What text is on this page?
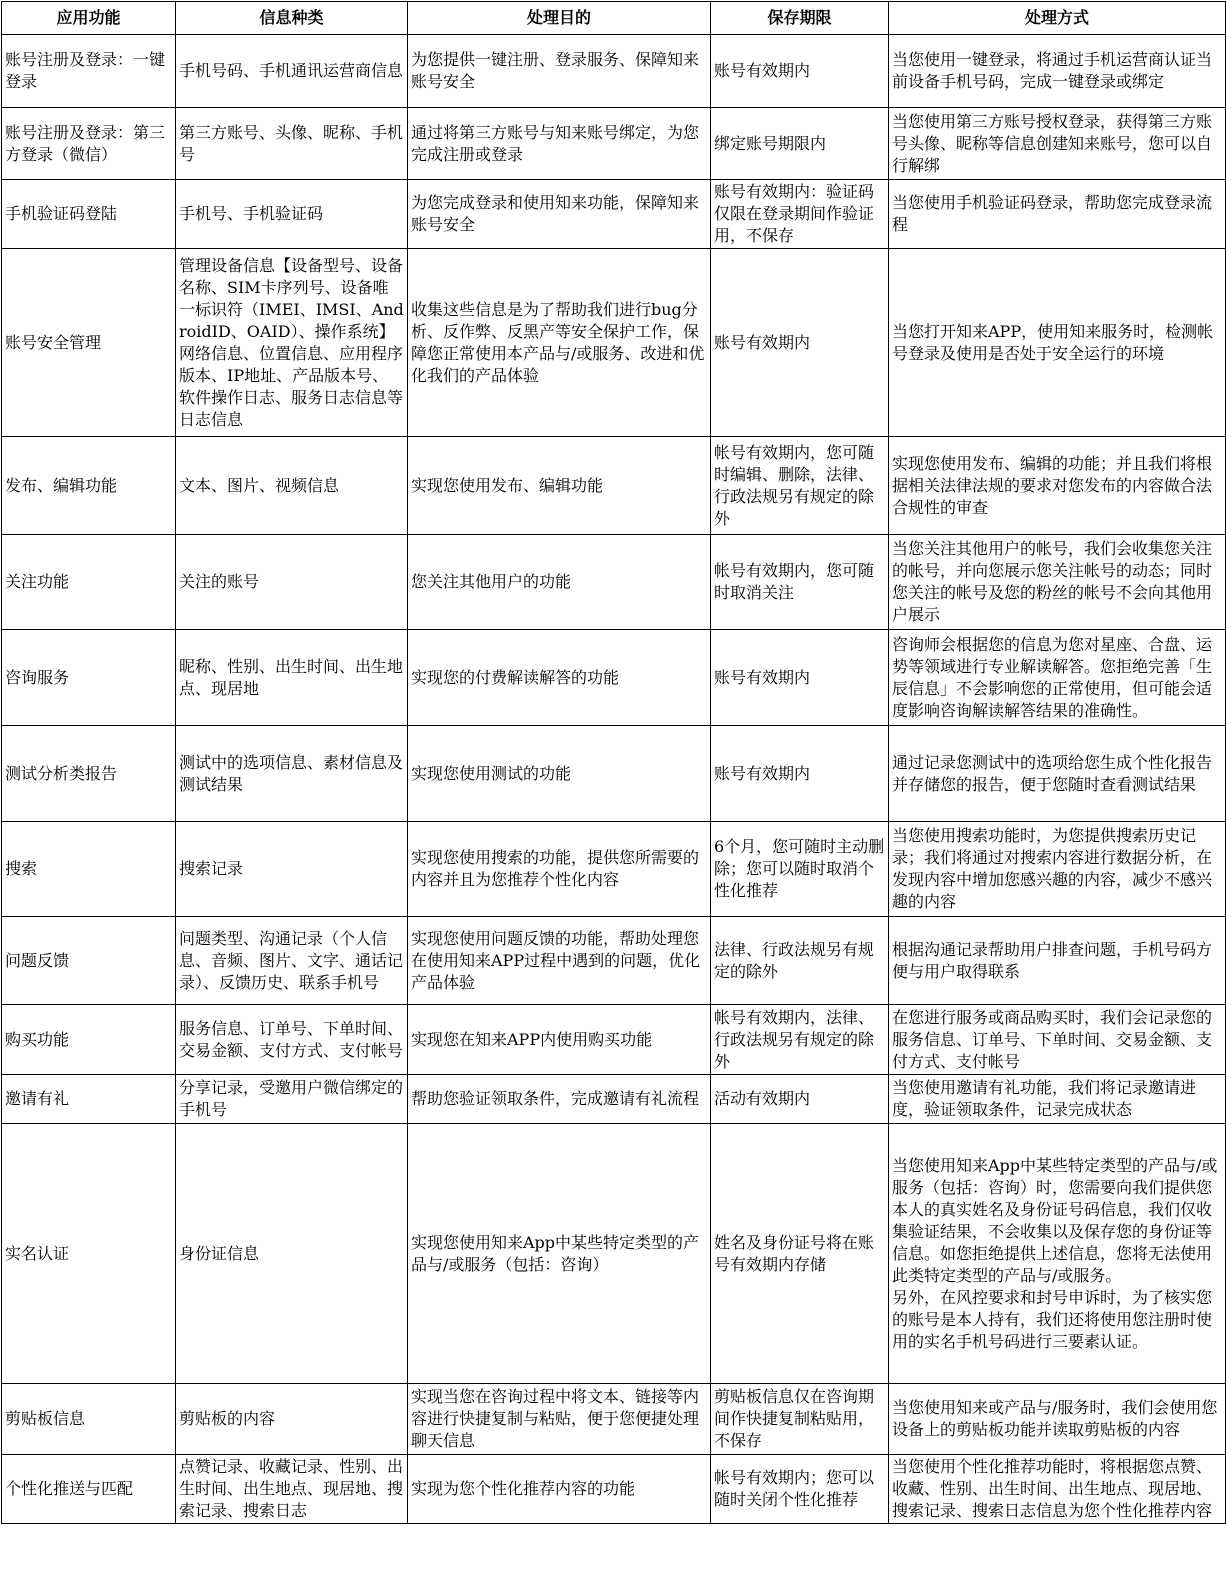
应用功能	信息种类	处理目的	保存期限	处理方式
账号注册及登录：一键登录	手机号码、手机通讯运营商信息	为您提供一键注册、登录服务、保障知来账号安全	账号有效期内	当您使用一键登录，将通过手机运营商认证当前设备手机号码，完成一键登录或绑定
账号注册及登录：第三方登录（微信）	第三方账号、头像、昵称、手机号	通过将第三方账号与知来账号绑定，为您完成注册或登录	绑定账号期限内	当您使用第三方账号授权登录，获得第三方账号头像、昵称等信息创建知来账号，您可以自行解绑
手机验证码登陆	手机号、手机验证码	为您完成登录和使用知来功能，保障知来账号安全	账号有效期内：验证码仅限在登录期间作验证用，不保存	当您使用手机验证码登录，帮助您完成登录流程
账号安全管理	管理设备信息【设备型号、设备名称、SIM卡序列号、设备唯一标识符（IMEI、IMSI、AndroidID、OAID）、操作系统】网络信息、位置信息、应用程序版本、IP地址、产品版本号、软件操作日志、服务日志信息等日志信息	收集这些信息是为了帮助我们进行bug分析、反作弊、反黑产等安全保护工作，保障您正常使用本产品与/或服务、改进和优化我们的产品体验	账号有效期内	当您打开知来APP，使用知来服务时，检测帐号登录及使用是否处于安全运行的环境
发布、编辑功能	文本、图片、视频信息	实现您使用发布、编辑功能	帐号有效期内，您可随时编辑、删除，法律、行政法规另有规定的除外	实现您使用发布、编辑的功能；并且我们将根据相关法律法规的要求对您发布的内容做合法合规性的审查
关注功能	关注的账号	您关注其他用户的功能	帐号有效期内，您可随时取消关注	当您关注其他用户的帐号，我们会收集您关注的帐号，并向您展示您关注帐号的动态；同时您关注的帐号及您的粉丝的帐号不会向其他用户展示
咨询服务	昵称、性别、出生时间、出生地点、现居地	实现您的付费解读解答的功能	账号有效期内	咨询师会根据您的信息为您对星座、合盘、运势等领域进行专业解读解答。您拒绝完善「生辰信息」不会影响您的正常使用，但可能会适度影响咨询解读解答结果的准确性。
测试分析类报告	测试中的选项信息、素材信息及测试结果	实现您使用测试的功能	账号有效期内	通过记录您测试中的选项给您生成个性化报告并存储您的报告，便于您随时查看测试结果
搜索	搜索记录	实现您使用搜索的功能，提供您所需要的内容并且为您推荐个性化内容	6个月，您可随时主动删除；您可以随时取消个性化推荐	当您使用搜索功能时，为您提供搜索历史记录；我们将通过对搜索内容进行数据分析，在发现内容中增加您感兴趣的内容，减少不感兴趣的内容
问题反馈	问题类型、沟通记录（个人信息、音频、图片、文字、通话记录）、反馈历史、联系手机号	实现您使用问题反馈的功能，帮助处理您在使用知来APP过程中遇到的问题，优化产品体验	法律、行政法规另有规定的除外	根据沟通记录帮助用户排查问题，手机号码方便与用户取得联系
购买功能	服务信息、订单号、下单时间、交易金额、支付方式、支付帐号	实现您在知来APP内使用购买功能	帐号有效期内，法律、行政法规另有规定的除外	在您进行服务或商品购买时，我们会记录您的服务信息、订单号、下单时间、交易金额、支付方式、支付帐号
邀请有礼	分享记录，受邀用户微信绑定的手机号	帮助您验证领取条件，完成邀请有礼流程	活动有效期内	当您使用邀请有礼功能，我们将记录邀请进度，验证领取条件，记录完成状态
实名认证	身份证信息	实现您使用知来App中某些特定类型的产品与/或服务（包括：咨询）	姓名及身份证号将在账号有效期内存储	当您使用知来App中某些特定类型的产品与/或服务（包括：咨询）时，您需要向我们提供您本人的真实姓名及身份证号码信息，我们仅收集验证结果，不会收集以及保存您的身份证等信息。如您拒绝提供上述信息，您将无法使用此类特定类型的产品与/或服务。
另外，在风控要求和封号申诉时，为了核实您的账号是本人持有，我们还将使用您注册时使用的实名手机号码进行三要素认证。
剪贴板信息	剪贴板的内容	实现当您在咨询过程中将文本、链接等内容进行快捷复制与粘贴，便于您便捷处理聊天信息	剪贴板信息仅在咨询期间作快捷复制粘贴用，不保存	当您使用知来或产品与/服务时，我们会使用您设备上的剪贴板功能并读取剪贴板的内容
个性化推送与匹配	点赞记录、收藏记录、性别、出生时间、出生地点、现居地、搜索记录、搜索日志	实现为您个性化推荐内容的功能	帐号有效期内；您可以随时关闭个性化推荐	当您使用个性化推荐功能时，将根据您点赞、收藏、性别、出生时间、出生地点、现居地、搜索记录、搜索日志信息为您个性化推荐内容
